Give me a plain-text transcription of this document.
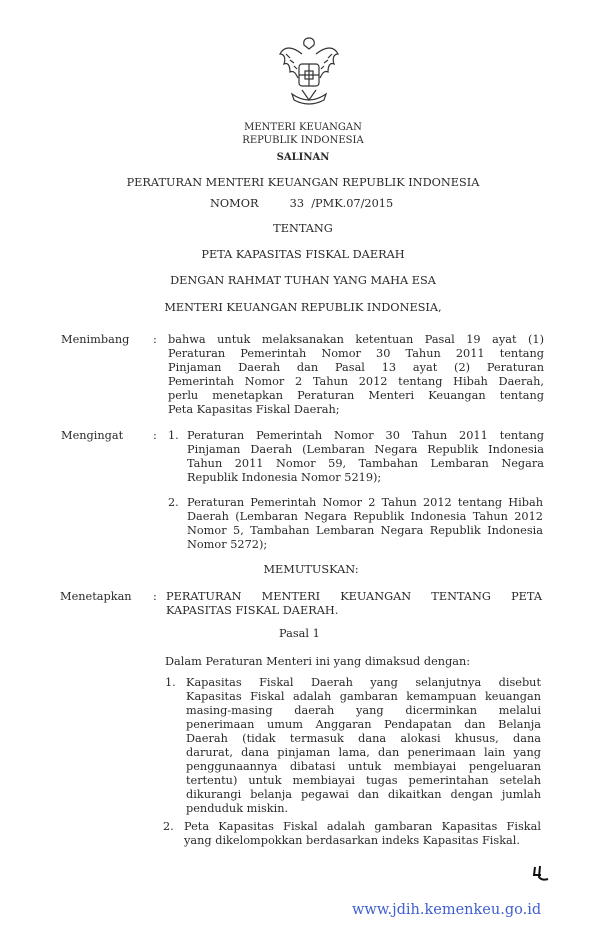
MENTERI KEUANGAN
REPUBLIK INDONESIA
SALINAN
PERATURAN MENTERI KEUANGAN REPUBLIK INDONESIA
NOMOR	33  /PMK.07/2015
TENTANG
PETA KAPASITAS FISKAL DAERAH
DENGAN RAHMAT TUHAN YANG MAHA ESA
MENTERI KEUANGAN REPUBLIK INDONESIA,
Menimbang : bahwa untuk melaksanakan ketentuan Pasal 19 ayat (1)
Peraturan Pemerintah Nomor 30 Tahun 2011 tentang
Pinjaman Daerah dan Pasal 13 ayat (2) Peraturan
Pemerintah Nomor 2 Tahun 2012 tentang Hibah Daerah,
perlu menetapkan Peraturan Menteri Keuangan tentang
Peta Kapasitas Fiskal Daerah;
Mengingat	: 1. Peraturan Pemerintah Nomor 30 Tahun 2011 tentang
Pinjaman Daerah (Lembaran Negara Republik Indonesia
Tahun 2011 Nomor 59, Tambahan Lembaran Negara
Republik Indonesia Nomor 5219);
2. Peraturan Pemerintah Nomor 2 Tahun 2012 tentang Hibah
Daerah (Lembaran Negara Republik Indonesia Tahun 2012
Nomor 5, Tambahan Lembaran Negara Republik Indonesia
Nomor 5272);
MEMUTUSKAN:
Menetapkan : PERATURAN MENTERI KEUANGAN TENTANG PETA
KAPASITAS FISKAL DAERAH.
Pasal 1
Dalam Peraturan Menteri ini yang dimaksud dengan:
1. Kapasitas Fiskal Daerah yang selanjutnya disebut
Kapasitas Fiskal adalah gambaran kemampuan keuangan
masing-masing daerah yang dicerminkan melalui
penerimaan umum Anggaran Pendapatan dan Belanja
Daerah (tidak termasuk dana alokasi khusus, dana
darurat, dana pinjaman lama, dan penerimaan lain yang
penggunaannya dibatasi untuk membiayai pengeluaran
tertentu) untuk membiayai tugas pemerintahan setelah
dikurangi belanja pegawai dan dikaitkan dengan jumlah
penduduk miskin.
2. Peta Kapasitas Fiskal adalah gambaran Kapasitas Fiskal
yang dikelompokkan berdasarkan indeks Kapasitas Fiskal.
www.jdih.kemenkeu.go.id
